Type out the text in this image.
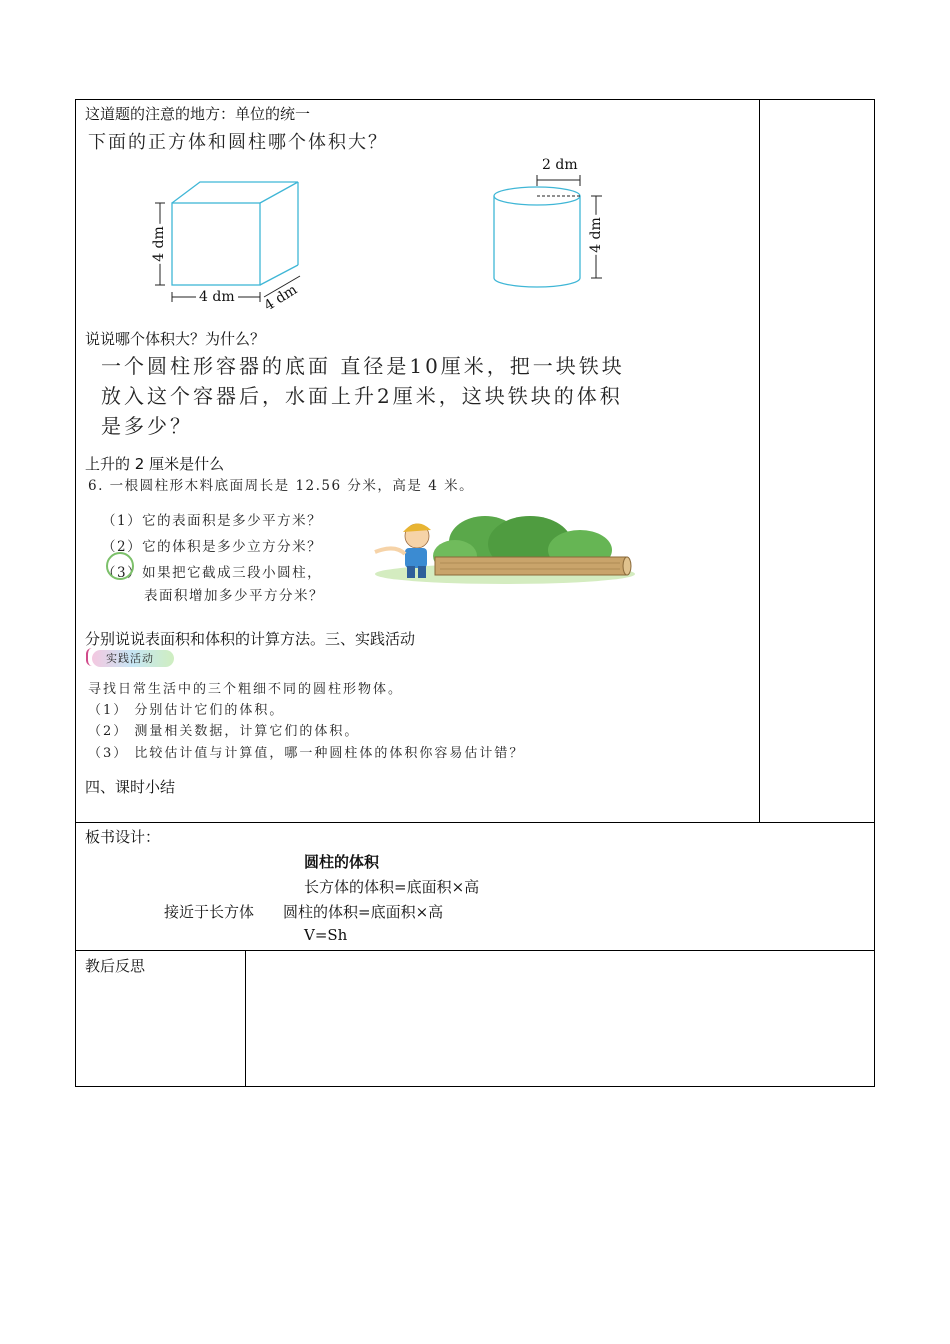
这道题的注意的地方：单位的统一
下面的正方体和圆柱哪个体积大？
4 dm
4 dm 4 dm
2 dm
4 dm
说说哪个体积大？为什么？
一个圆柱形容器的底面 直径是10厘米，把一块铁块
放入这个容器后，水面上升2厘米，这块铁块的体积
是多少？
上升的 2 厘米是什么
6. 一根圆柱形木料底面周长是 12.56 分米，高是 4 米。
（1）它的表面积是多少平方米？
（2）它的体积是多少立方分米？
（3）如果把它截成三段小圆柱，
表面积增加多少平方分米？
分别说说表面积和体积的计算方法。三、实践活动
实践活动
寻找日常生活中的三个粗细不同的圆柱形物体。
（1） 分别估计它们的体积。
（2） 测量相关数据，计算它们的体积。
（3） 比较估计值与计算值，哪一种圆柱体的体积你容易估计错？
四、课时小结
板书设计：
圆柱的体积
长方体的体积=底面积×高
接近于长方体 圆柱的体积=底面积×高
V=Sh
教后反思
